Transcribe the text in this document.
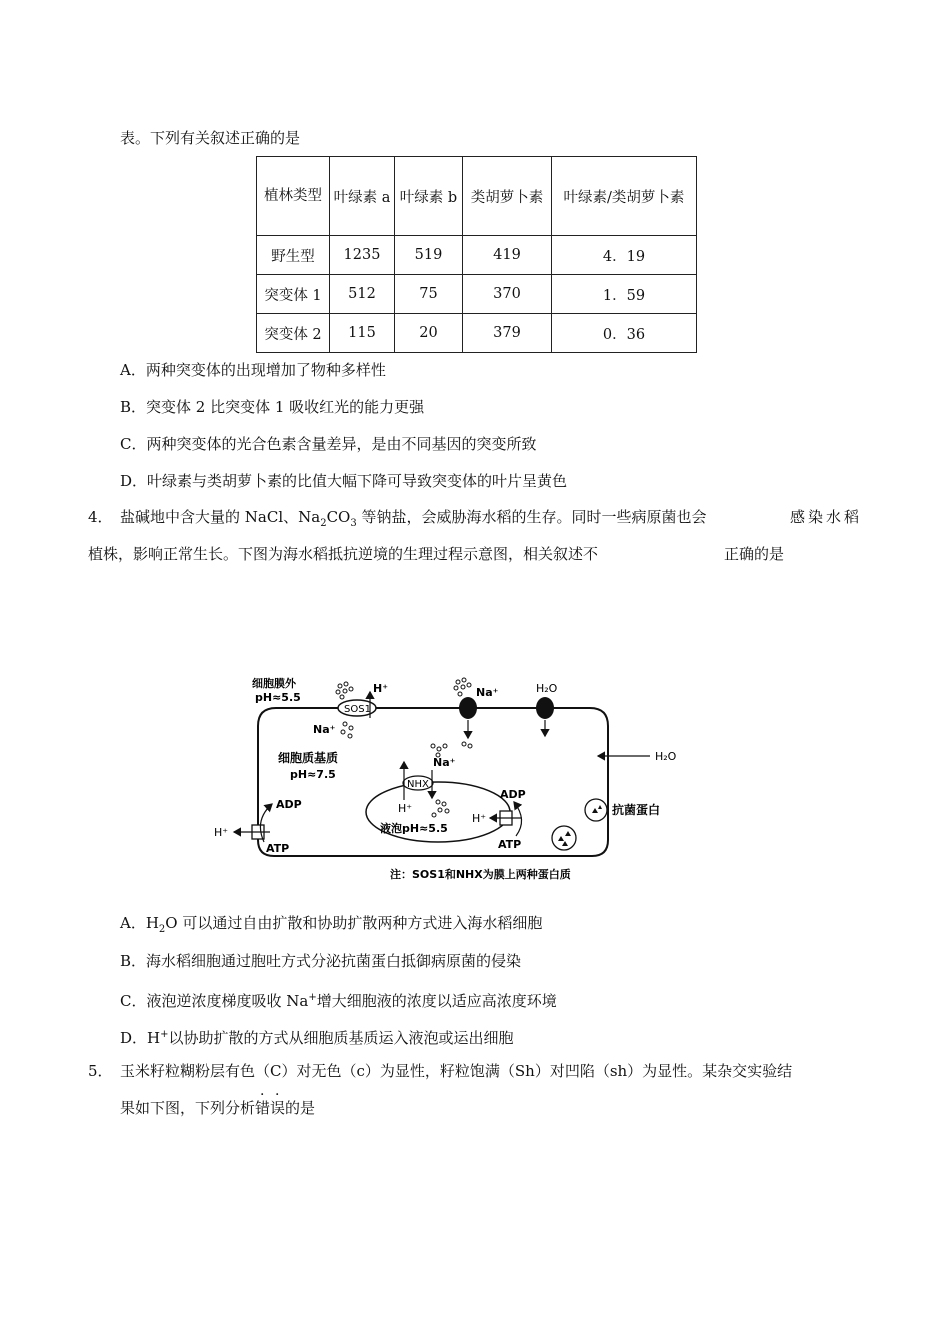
表。下列有关叙述正确的是
植林类型	叶绿素 a	叶绿素 b	类胡萝卜素	叶绿素/类胡萝卜素
野生型	1235	519	419	4．19
突变体 1	512	75	370	1．59
突变体 2	115	20	379	0．36
A．两种突变体的出现增加了物种多样性
B．突变体 2 比突变体 1 吸收红光的能力更强
C．两种突变体的光合色素含量差异，是由不同基因的突变所致
D．叶绿素与类胡萝卜素的比值大幅下降可导致突变体的叶片呈黄色
4． 盐碱地中含大量的 NaCl、$Na_2CO_3$ 等钠盐，会威胁海水稻的生存。同时一些病原菌也会	感染水稻
植株，影响正常生长。下图为海水稻抵抗逆境的生理过程示意图，相关叙述不	正确的是
细胞膜外
pH≈5.5
SOS1
H⁺
Na⁺
Na⁺	H₂O
H₂O
细胞质基质
pH≈7.5
NHX
H⁺
Na⁺
液泡pH≈5.5
H⁺
ADP
ATP
H⁺
ADP
ATP
抗菌蛋白
注：SOS1和NHX为膜上两种蛋白质
A．$H_2O$ 可以通过自由扩散和协助扩散两种方式进入海水稻细胞
B．海水稻细胞通过胞吐方式分泌抗菌蛋白抵御病原菌的侵染
C．液泡逆浓度梯度吸收 Na+增大细胞液的浓度以适应高浓度环境
D．H+以协助扩散的方式从细胞质基质运入液泡或运出细胞
5． 玉米籽粒糊粉层有色（C）对无色（c）为显性，籽粒饱满（Sh）对凹陷（sh）为显性。某杂交实验结
果如下图，下列分析
·
错
·
误的是
